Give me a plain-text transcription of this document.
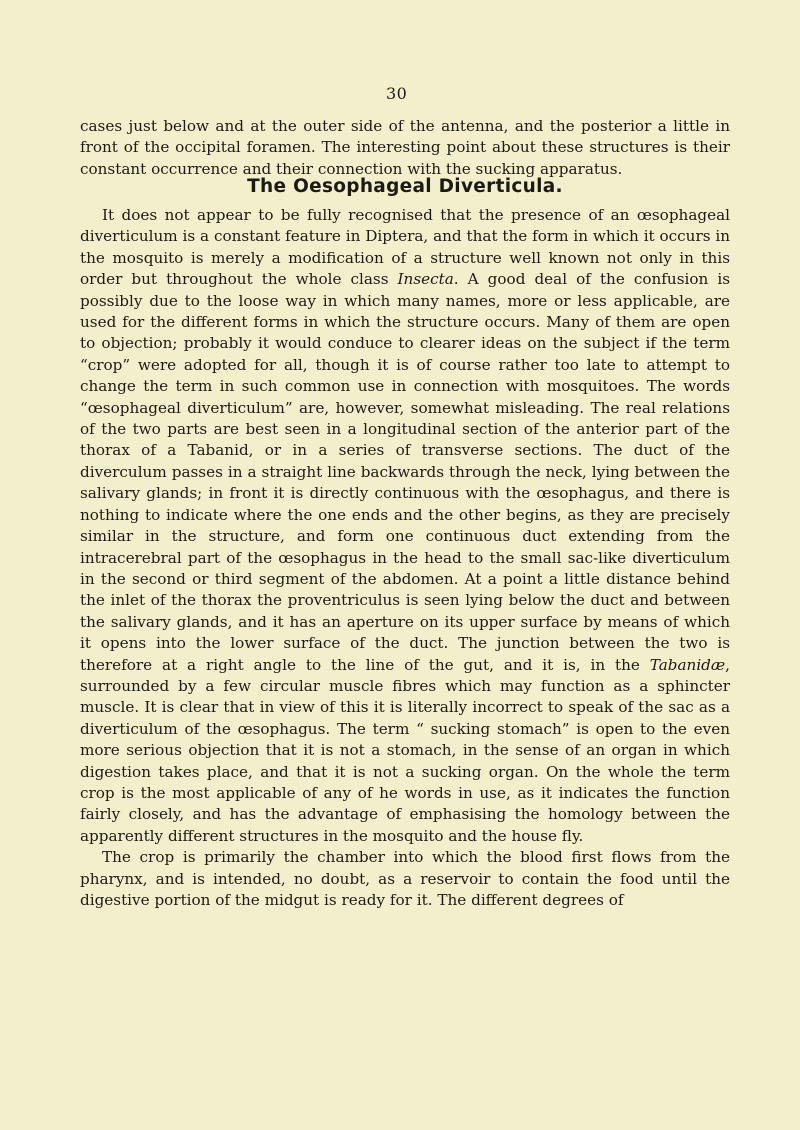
30

cases just below and at the outer side of the antenna, and the posterior a little in front of the occipital foramen. The interesting point about these structures is their constant occurrence and their connection with the sucking apparatus.

The Oesophageal Diverticula.

It does not appear to be fully recognised that the presence of an œsophageal diverticulum is a constant feature in Diptera, and that the form in which it occurs in the mosquito is merely a modification of a structure well known not only in this order but throughout the whole class Insecta. A good deal of the confusion is possibly due to the loose way in which many names, more or less applicable, are used for the different forms in which the structure occurs. Many of them are open to objection; probably it would conduce to clearer ideas on the subject if the term “crop” were adopted for all, though it is of course rather too late to attempt to change the term in such common use in connection with mosquitoes. The words “œsophageal diverticulum” are, however, somewhat misleading. The real relations of the two parts are best seen in a longitudinal section of the anterior part of the thorax of a Tabanid, or in a series of transverse sections. The duct of the diverculum passes in a straight line backwards through the neck, lying between the salivary glands; in front it is directly continuous with the œsophagus, and there is nothing to indicate where the one ends and the other begins, as they are precisely similar in the structure, and form one continuous duct extending from the intracerebral part of the œsophagus in the head to the small sac-like diverticulum in the second or third segment of the abdomen. At a point a little distance behind the inlet of the thorax the proventriculus is seen lying below the duct and between the salivary glands, and it has an aperture on its upper surface by means of which it opens into the lower surface of the duct. The junction between the two is therefore at a right angle to the line of the gut, and it is, in the Tabanidæ, surrounded by a few circular muscle fibres which may function as a sphincter muscle. It is clear that in view of this it is literally incorrect to speak of the sac as a diverticulum of the œsophagus. The term “ sucking stomach” is open to the even more serious objection that it is not a stomach, in the sense of an organ in which digestion takes place, and that it is not a sucking organ. On the whole the term crop is the most applicable of any of he words in use, as it indicates the function fairly closely, and has the advantage of emphasising the homology between the apparently different structures in the mosquito and the house fly.

The crop is primarily the chamber into which the blood first flows from the pharynx, and is intended, no doubt, as a reservoir to contain the food until the digestive portion of the midgut is ready for it. The different degrees of
